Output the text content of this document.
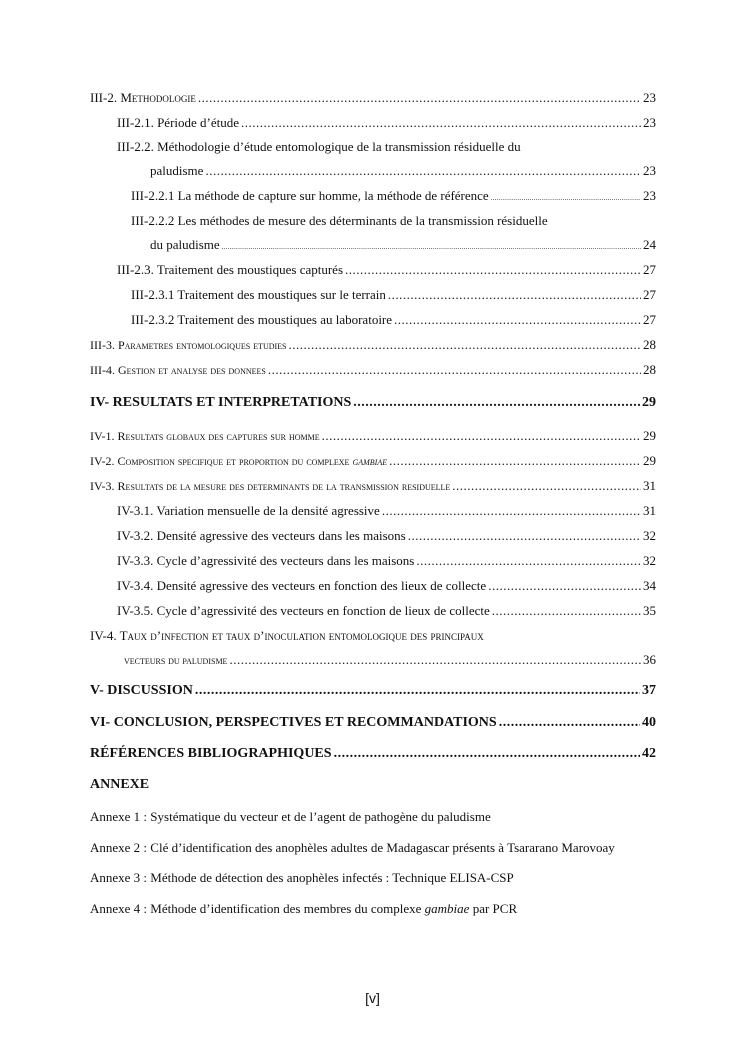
III-2. Methodologie .....	23
III-2.1. Période d’étude .....	23
III-2.2. Méthodologie d’étude entomologique de la transmission résiduelle du
paludisme .....	23
III-2.2.1 La méthode de capture sur homme, la méthode de référence .....	23
III-2.2.2 Les méthodes de mesure des déterminants de la transmission résiduelle
du paludisme .....	24
III-2.3. Traitement des moustiques capturés .....	27
III-2.3.1 Traitement des moustiques sur le terrain .....	27
III-2.3.2 Traitement des moustiques au laboratoire .....	27
III-3. Parametres entomologiques etudies .....	28
III-4. Gestion et analyse des donnees .....	28
IV- RESULTATS ET INTERPRETATIONS .....	29
IV-1. Resultats globaux des captures sur homme .....	29
IV-2. Composition specifique et proportion du complexe gambiae .....	29
IV-3. Resultats de la mesure des determinants de la transmission residuelle .....	31
IV-3.1. Variation mensuelle de la densité agressive .....	31
IV-3.2. Densité agressive des vecteurs dans les maisons .....	32
IV-3.3. Cycle d’agressivité des vecteurs dans les maisons .....	32
IV-3.4. Densité agressive des vecteurs en fonction des lieux de collecte .....	34
IV-3.5. Cycle d’agressivité des vecteurs en fonction de lieux de collecte .....	35
IV-4. Taux d’infection et taux d’inoculation entomologique des principaux
vecteurs du paludisme .....	36
V- DISCUSSION .....	37
VI- CONCLUSION, PERSPECTIVES ET RECOMMANDATIONS .....	40
RÉFÉRENCES BIBLIOGRAPHIQUES .....	42
ANNEXE
Annexe 1 : Systématique du vecteur et de l’agent de pathogène du paludisme
Annexe 2 : Clé d’identification des anophèles adultes de Madagascar présents à Tsararano Marovoay
Annexe 3 : Méthode de détection des anophèles infectés : Technique ELISA-CSP
Annexe 4 : Méthode d’identification des membres du complexe gambiae par PCR
[v]
